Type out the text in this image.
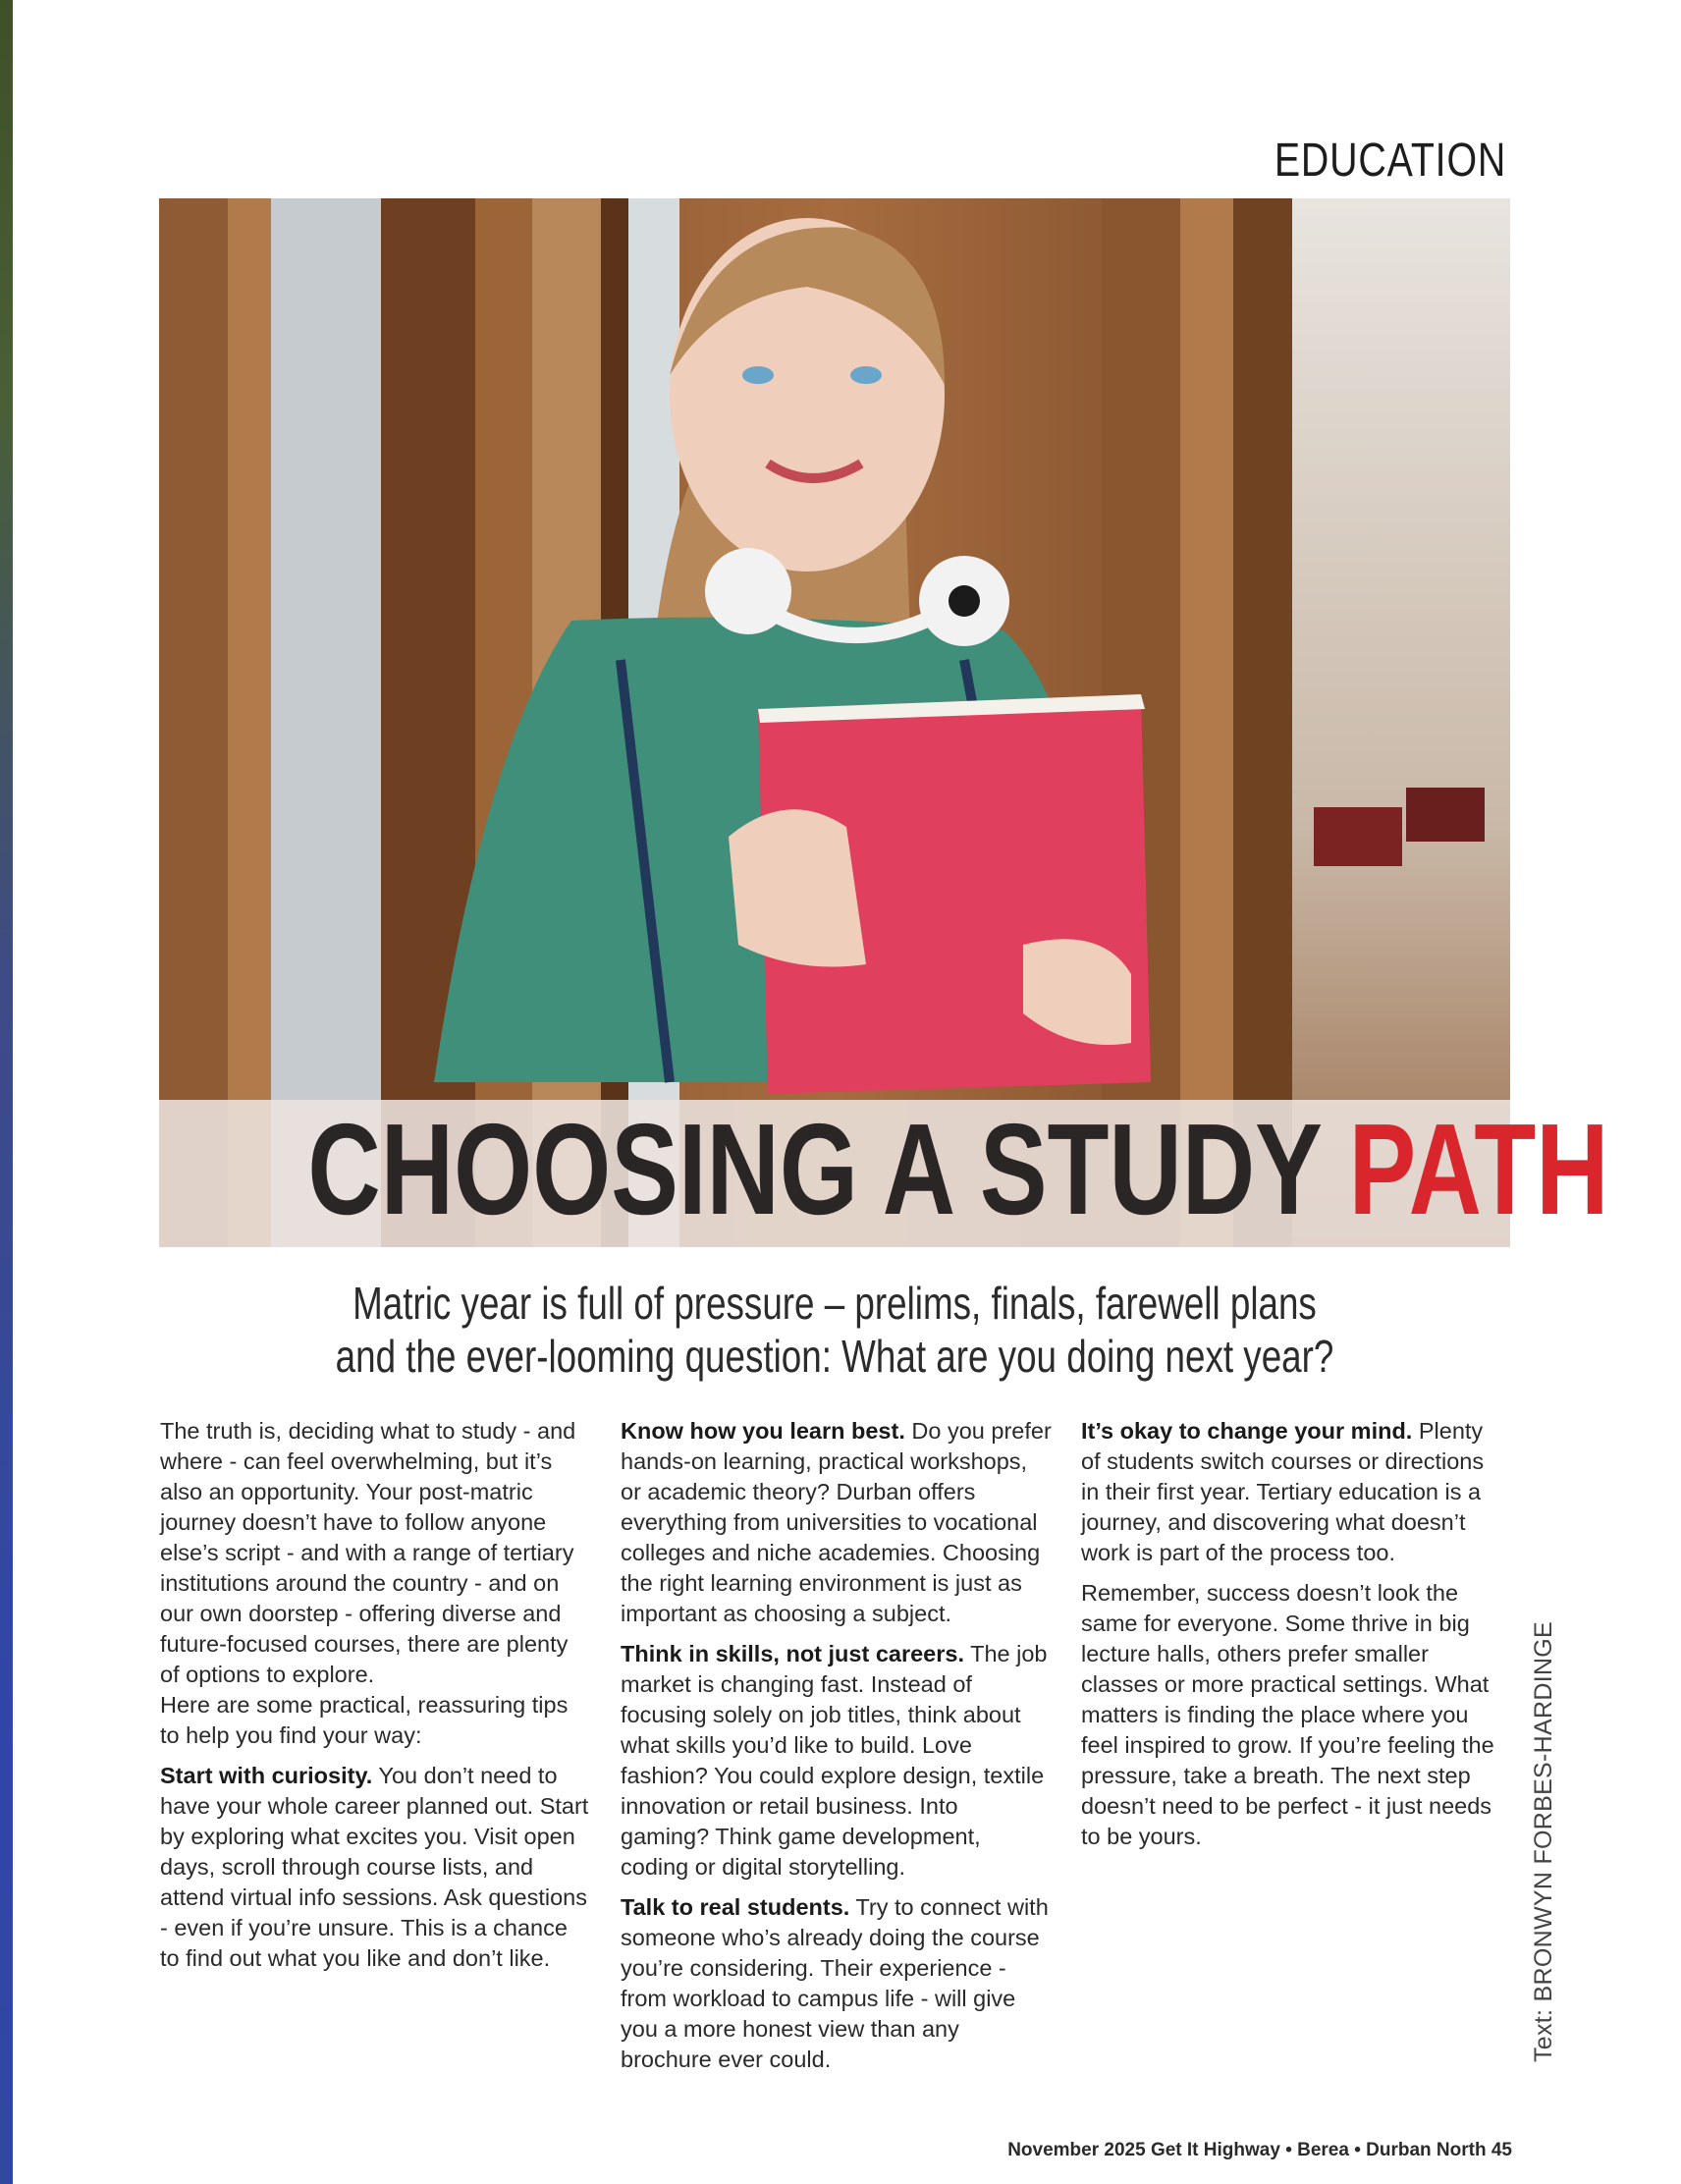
EDUCATION
CHOOSING A STUDY PATH
Matric year is full of pressure – prelims, finals, farewell plans
and the ever-looming question: What are you doing next year?

The truth is, deciding what to study - and where - can feel overwhelming, but it’s also an opportunity. Your post-matric journey doesn’t have to follow anyone else’s script - and with a range of tertiary institutions around the country - and on our own doorstep - offering diverse and future-focused courses, there are plenty of options to explore.

Here are some practical, reassuring tips to help you find your way:

Start with curiosity. You don’t need to have your whole career planned out. Start by exploring what excites you. Visit open days, scroll through course lists, and attend virtual info sessions. Ask questions - even if you’re unsure. This is a chance to find out what you like and don’t like.

Know how you learn best. Do you prefer hands-on learning, practical workshops, or academic theory? Durban offers everything from universities to vocational colleges and niche academies. Choosing the right learning environment is just as important as choosing a subject.

Think in skills, not just careers. The job market is changing fast. Instead of focusing solely on job titles, think about what skills you’d like to build. Love fashion? You could explore design, textile innovation or retail business. Into gaming? Think game development, coding or digital storytelling.

Talk to real students. Try to connect with someone who’s already doing the course you’re considering. Their experience - from workload to campus life - will give you a more honest view than any brochure ever could.

It’s okay to change your mind. Plenty of students switch courses or directions in their first year. Tertiary education is a journey, and discovering what doesn’t work is part of the process too.

Remember, success doesn’t look the same for everyone. Some thrive in big lecture halls, others prefer smaller classes or more practical settings. What matters is finding the place where you feel inspired to grow. If you’re feeling the pressure, take a breath. The next step doesn’t need to be perfect - it just needs to be yours.	Text: BRONWYN FORBES-HARDINGE
November 2025 Get It Highway • Berea • Durban North 45
